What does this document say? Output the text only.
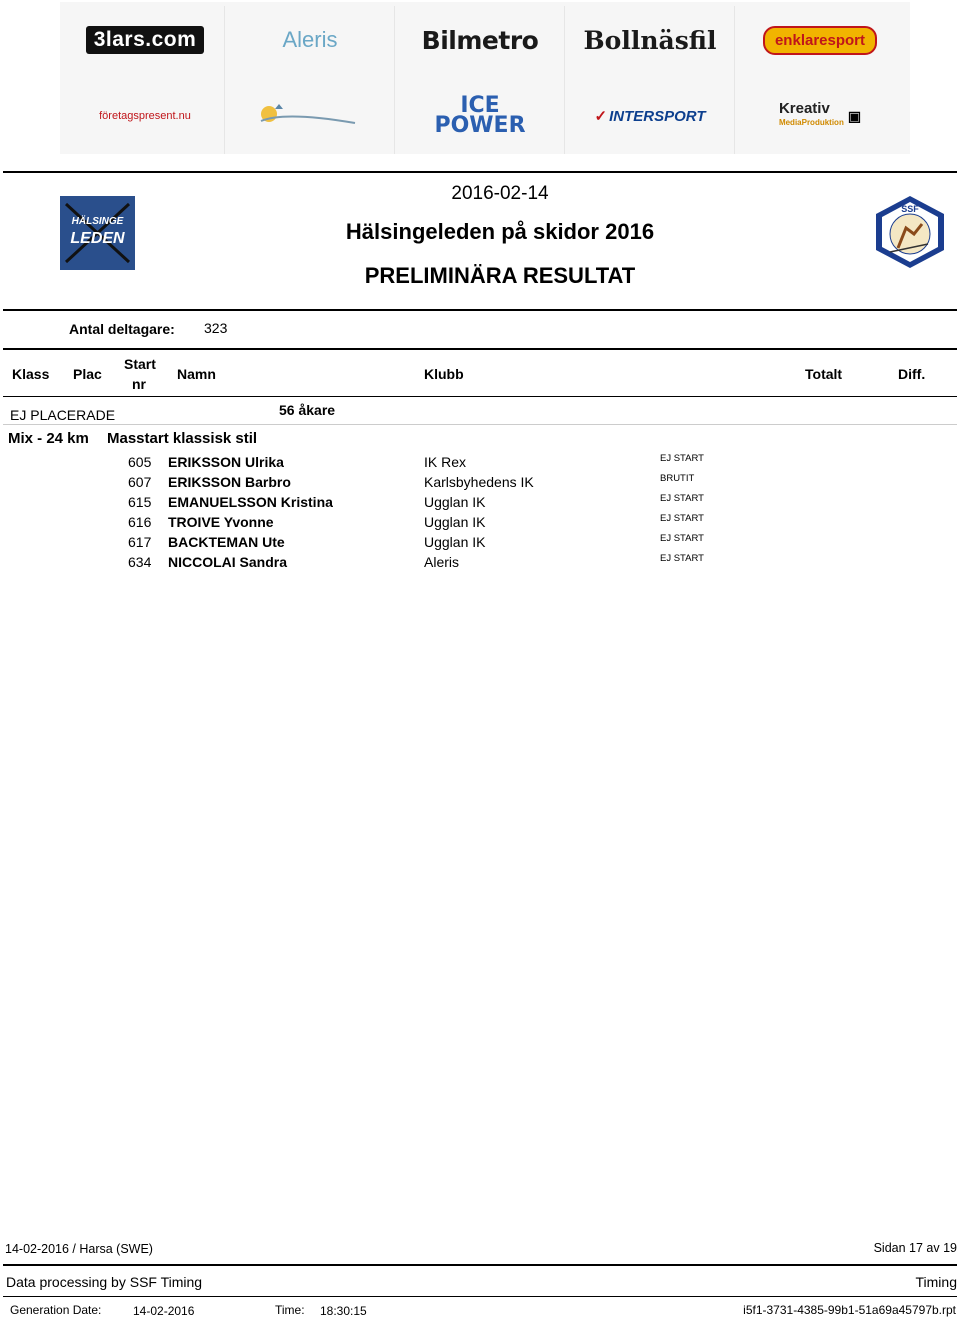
3lars.com	Aleris	Bilmetro Bollnäsfil	enklaresport
företagspresent.nu	ICE
POWER	✓ INTERSPORT	Kreativ
MediaProduktion ▣
HÄLSINGE
LEDEN
SSF
2016-02-14
Hälsingeleden på skidor 2016
PRELIMINÄRA RESULTAT
Antal deltagare: 323
Klass Plac
Start
nr
Namn	Klubb	Totalt	Diff.
EJ PLACERADE	56 åkare
Mix - 24 km Masstart klassisk stil
605 ERIKSSON Ulrika	IK Rex	EJ START
607 ERIKSSON Barbro	Karlsbyhedens IK	BRUTIT
615 EMANUELSSON Kristina	Ugglan IK	EJ START
616 TROIVE Yvonne	Ugglan IK	EJ START
617 BACKTEMAN Ute	Ugglan IK	EJ START
634 NICCOLAI Sandra	Aleris	EJ START
14-02-2016 / Harsa (SWE)	Sidan 17 av 19
Data processing by SSF Timing	Timing
Generation Date:	14-02-2016	Time: 18:30:15	i5f1-3731-4385-99b1-51a69a45797b.rpt
